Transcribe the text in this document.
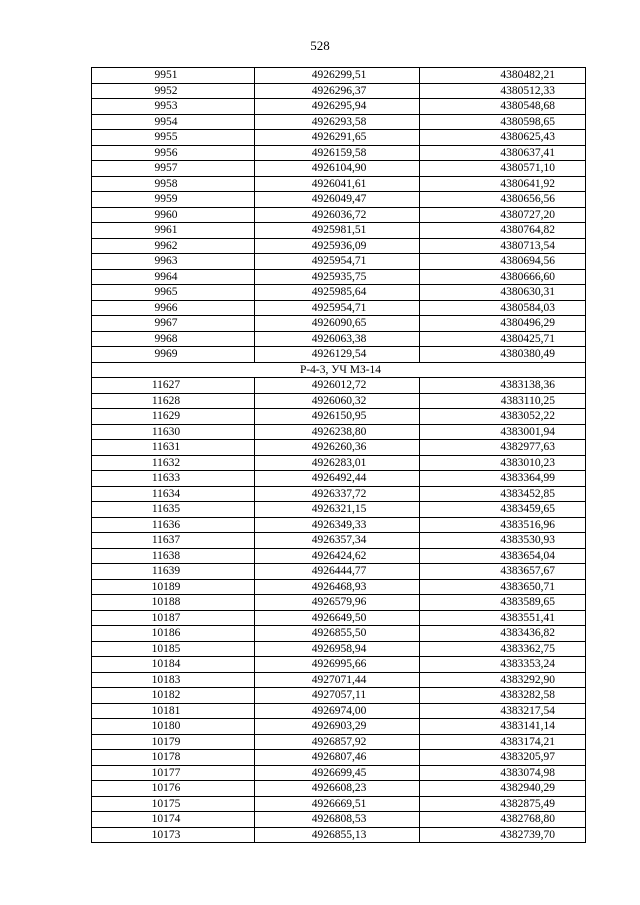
528
9951	4926299,51	4380482,21
9952	4926296,37	4380512,33
9953	4926295,94	4380548,68
9954	4926293,58	4380598,65
9955	4926291,65	4380625,43
9956	4926159,58	4380637,41
9957	4926104,90	4380571,10
9958	4926041,61	4380641,92
9959	4926049,47	4380656,56
9960	4926036,72	4380727,20
9961	4925981,51	4380764,82
9962	4925936,09	4380713,54
9963	4925954,71	4380694,56
9964	4925935,75	4380666,60
9965	4925985,64	4380630,31
9966	4925954,71	4380584,03
9967	4926090,65	4380496,29
9968	4926063,38	4380425,71
9969	4926129,54	4380380,49
Р-4-3, УЧ МЗ-14		
11627	4926012,72	4383138,36
11628	4926060,32	4383110,25
11629	4926150,95	4383052,22
11630	4926238,80	4383001,94
11631	4926260,36	4382977,63
11632	4926283,01	4383010,23
11633	4926492,44	4383364,99
11634	4926337,72	4383452,85
11635	4926321,15	4383459,65
11636	4926349,33	4383516,96
11637	4926357,34	4383530,93
11638	4926424,62	4383654,04
11639	4926444,77	4383657,67
10189	4926468,93	4383650,71
10188	4926579,96	4383589,65
10187	4926649,50	4383551,41
10186	4926855,50	4383436,82
10185	4926958,94	4383362,75
10184	4926995,66	4383353,24
10183	4927071,44	4383292,90
10182	4927057,11	4383282,58
10181	4926974,00	4383217,54
10180	4926903,29	4383141,14
10179	4926857,92	4383174,21
10178	4926807,46	4383205,97
10177	4926699,45	4383074,98
10176	4926608,23	4382940,29
10175	4926669,51	4382875,49
10174	4926808,53	4382768,80
10173	4926855,13	4382739,70
